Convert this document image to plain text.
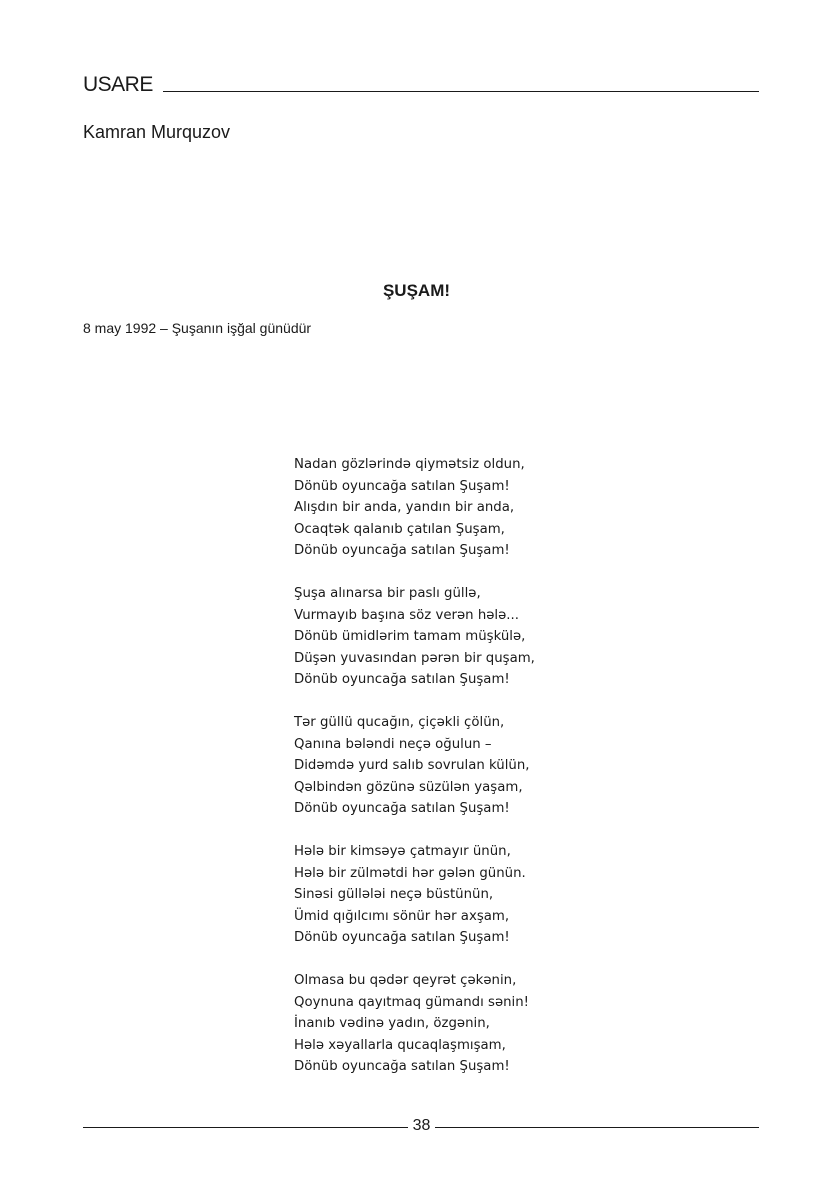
USARE
Kamran Murquzov
ŞUŞAM!
8 may 1992 – Şuşanın işğal günüdür
Nadan gözlərində qiymətsiz oldun,
Dönüb oyuncağa satılan Şuşam!
Alışdın bir anda, yandın bir anda,
Ocaqtək qalanıb çatılan Şuşam,
Dönüb oyuncağa satılan Şuşam!
Şuşa alınarsa bir paslı güllə,
Vurmayıb başına söz verən hələ...
Dönüb ümidlərim tamam müşkülə,
Düşən yuvasından pərən bir quşam,
Dönüb oyuncağa satılan Şuşam!
Tər güllü qucağın, çiçəkli çölün,
Qanına bələndi neçə oğulun –
Didəmdə yurd salıb sovrulan külün,
Qəlbindən gözünə süzülən yaşam,
Dönüb oyuncağa satılan Şuşam!
Hələ bir kimsəyə çatmayır ünün,
Hələ bir zülmətdi hər gələn günün.
Sinəsi güllələi neçə büstünün,
Ümid qığılcımı sönür hər axşam,
Dönüb oyuncağa satılan Şuşam!
Olmasa bu qədər qeyrət çəkənin,
Qoynuna qayıtmaq gümandı sənin!
İnanıb vədinə yadın, özgənin,
Hələ xəyallarla qucaqlaşmışam,
Dönüb oyuncağa satılan Şuşam!
38
